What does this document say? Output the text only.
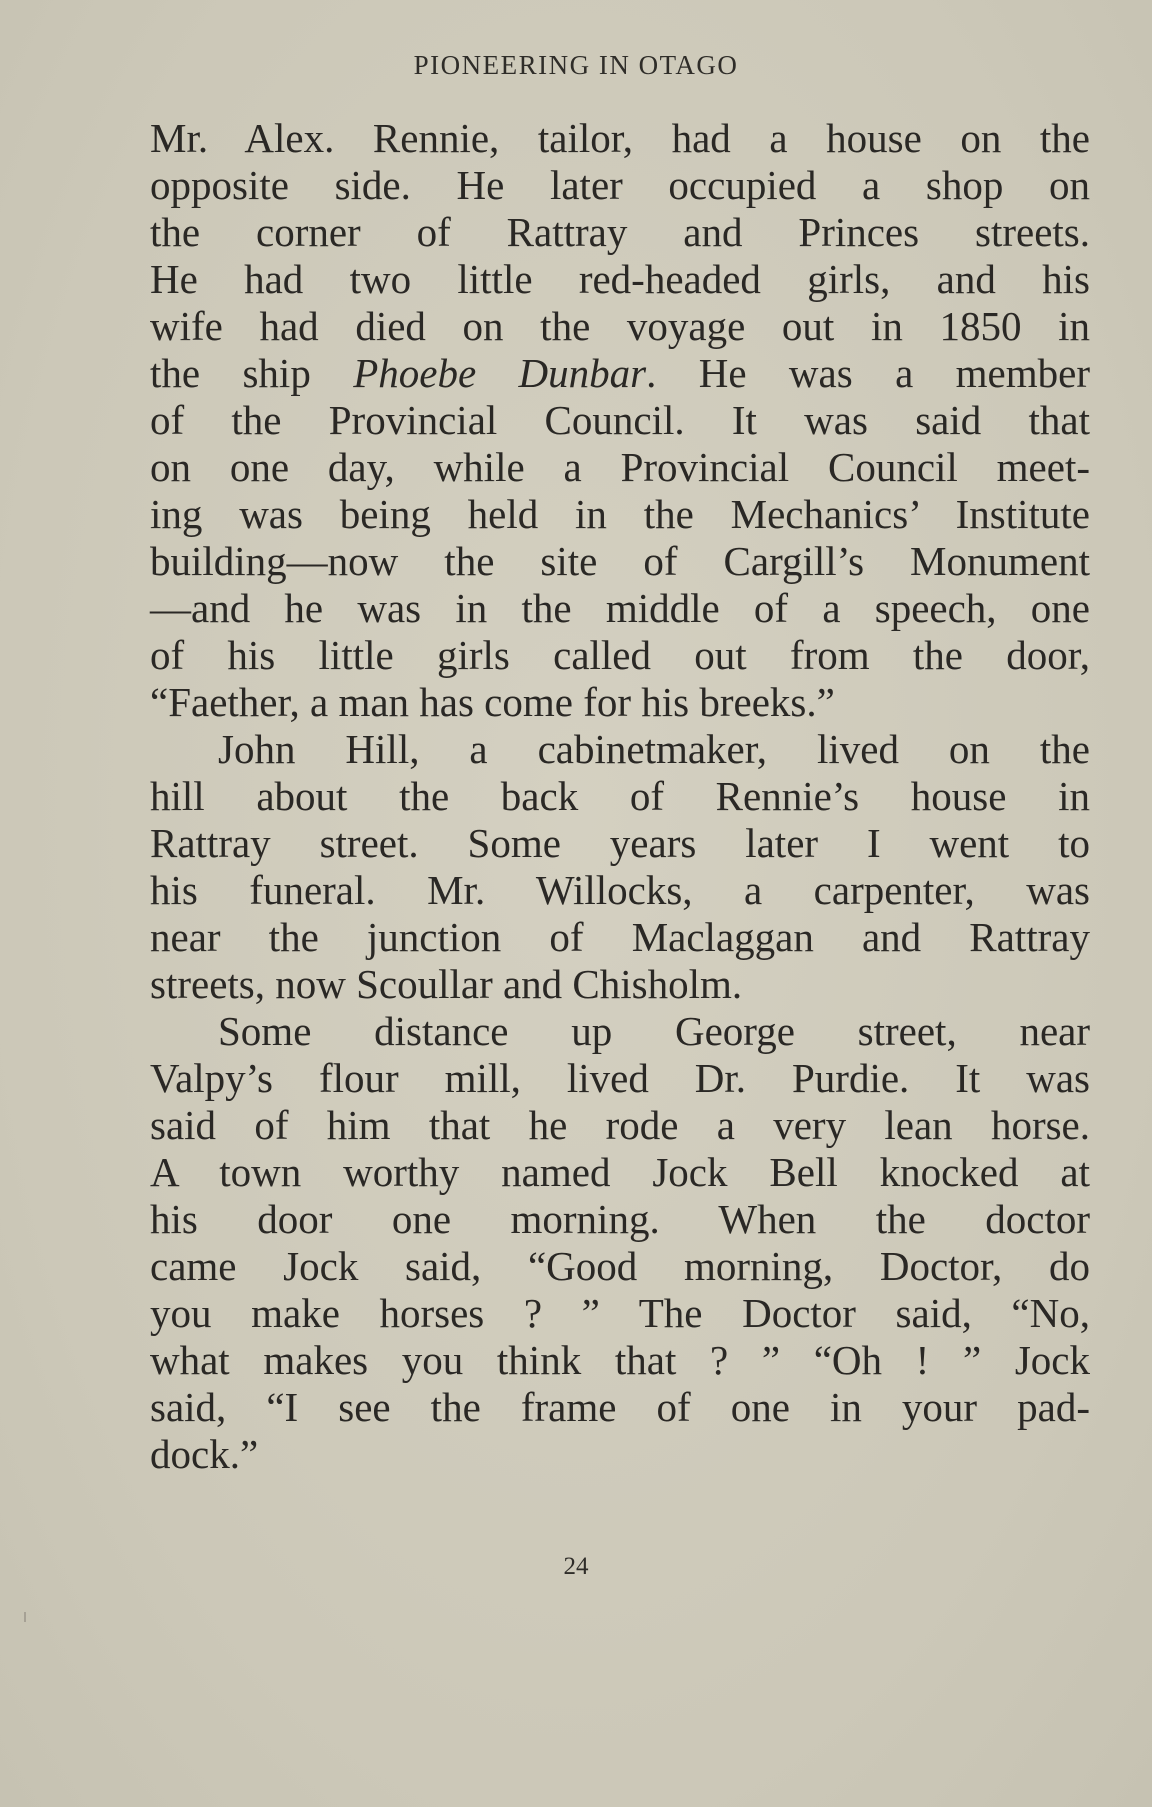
PIONEERING IN OTAGO
Mr. Alex. Rennie, tailor, had a house on the
opposite side. He later occupied a shop on
the corner of Rattray and Princes streets.
He had two little red-headed girls, and his
wife had died on the voyage out in 1850 in
the ship Phoebe Dunbar. He was a member
of the Provincial Council. It was said that
on one day, while a Provincial Council meet-
ing was being held in the Mechanics’ Institute
building—now the site of Cargill’s Monument
—and he was in the middle of a speech, one
of his little girls called out from the door,
“Faether, a man has come for his breeks.”
John Hill, a cabinetmaker, lived on the
hill about the back of Rennie’s house in
Rattray street. Some years later I went to
his funeral. Mr. Willocks, a carpenter, was
near the junction of Maclaggan and Rattray
streets, now Scoullar and Chisholm.
Some distance up George street, near
Valpy’s flour mill, lived Dr. Purdie. It was
said of him that he rode a very lean horse.
A town worthy named Jock Bell knocked at
his door one morning. When the doctor
came Jock said, “Good morning, Doctor, do
you make horses ? ” The Doctor said, “No,
what makes you think that ? ” “Oh ! ” Jock
said, “I see the frame of one in your pad-
dock.”
24
